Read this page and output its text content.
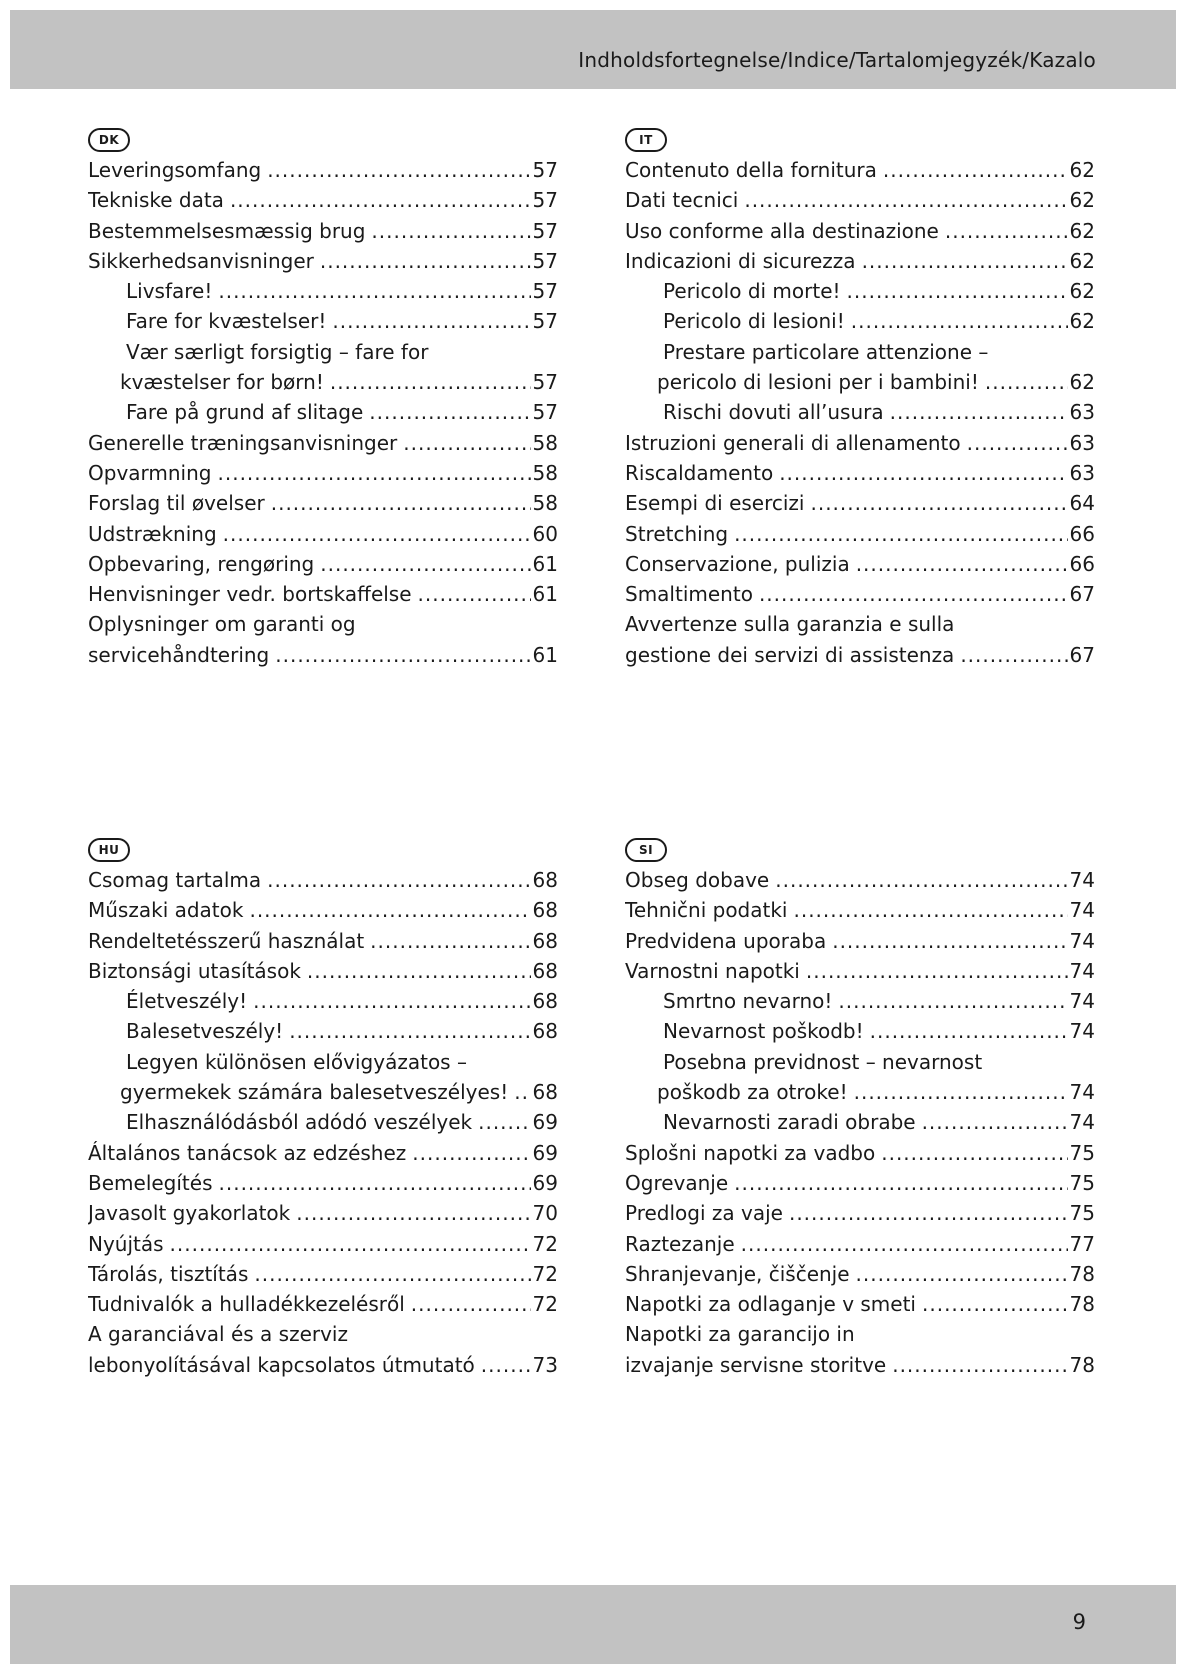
Indholdsfortegnelse/Indice/Tartalomjegyzék/Kazalo
DK
Leveringsomfang .....	57
Tekniske data .....	57
Bestemmelsesmæssig brug .....	57
Sikkerhedsanvisninger .....	57
Livsfare! .....	57
Fare for kvæstelser! .....	57
Vær særligt forsigtig – fare for
kvæstelser for børn! .....	57
Fare på grund af slitage .....	57
Generelle træningsanvisninger .....	58
Opvarmning .....	58
Forslag til øvelser .....	58
Udstrækning .....	60
Opbevaring, rengøring .....	61
Henvisninger vedr. bortskaffelse .....	61
Oplysninger om garanti og
servicehåndtering .....	61
IT
Contenuto della fornitura .....	62
Dati tecnici .....	62
Uso conforme alla destinazione .....	62
Indicazioni di sicurezza .....	62
Pericolo di morte! .....	62
Pericolo di lesioni! .....	62
Prestare particolare attenzione –
pericolo di lesioni per i bambini! .....	62
Rischi dovuti all’usura .....	63
Istruzioni generali di allenamento .....	63
Riscaldamento .....	63
Esempi di esercizi .....	64
Stretching .....	66
Conservazione, pulizia .....	66
Smaltimento .....	67
Avvertenze sulla garanzia e sulla
gestione dei servizi di assistenza .....	67
HU
Csomag tartalma .....	68
Műszaki adatok .....	68
Rendeltetésszerű használat .....	68
Biztonsági utasítások .....	68
Életveszély! .....	68
Balesetveszély! .....	68
Legyen különösen elővigyázatos –
gyermekek számára balesetveszélyes! ..... 68
Elhasználódásból adódó veszélyek .....	69
Általános tanácsok az edzéshez .....	69
Bemelegítés .....	69
Javasolt gyakorlatok .....	70
Nyújtás .....	72
Tárolás, tisztítás .....	72
Tudnivalók a hulladékkezelésről .....	72
A garanciával és a szerviz
lebonyolításával kapcsolatos útmutató .....	73
SI
Obseg dobave .....	74
Tehnični podatki .....	74
Predvidena uporaba .....	74
Varnostni napotki .....	74
Smrtno nevarno! .....	74
Nevarnost poškodb! .....	74
Posebna previdnost – nevarnost
poškodb za otroke! .....	74
Nevarnosti zaradi obrabe .....	74
Splošni napotki za vadbo .....	75
Ogrevanje .....	75
Predlogi za vaje .....	75
Raztezanje .....	77
Shranjevanje, čiščenje .....	78
Napotki za odlaganje v smeti .....	78
Napotki za garancijo in
izvajanje servisne storitve .....	78
9
